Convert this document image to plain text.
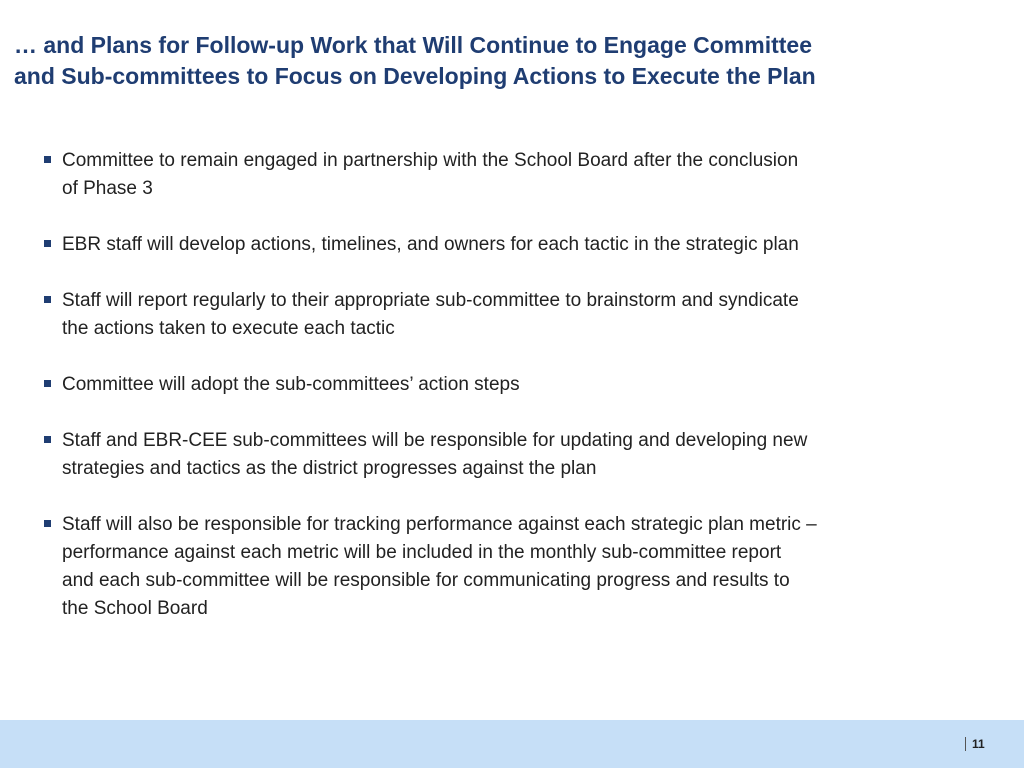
… and Plans for Follow-up Work that Will Continue to Engage Committee
and Sub-committees to Focus on Developing Actions to Execute the Plan
Committee to remain engaged in partnership with the School Board after the conclusion
of Phase 3
EBR staff will develop actions, timelines, and owners for each tactic in the strategic plan
Staff will report regularly to their appropriate sub-committee to brainstorm and syndicate
the actions taken to execute each tactic
Committee will adopt the sub-committees’ action steps
Staff and EBR-CEE sub-committees will be responsible for updating and developing new
strategies and tactics as the district progresses against the plan
Staff will also be responsible for tracking performance against each strategic plan metric –
performance against each metric will be included in the monthly sub-committee report
and each sub-committee will be responsible for communicating progress and results to
the School Board
11
